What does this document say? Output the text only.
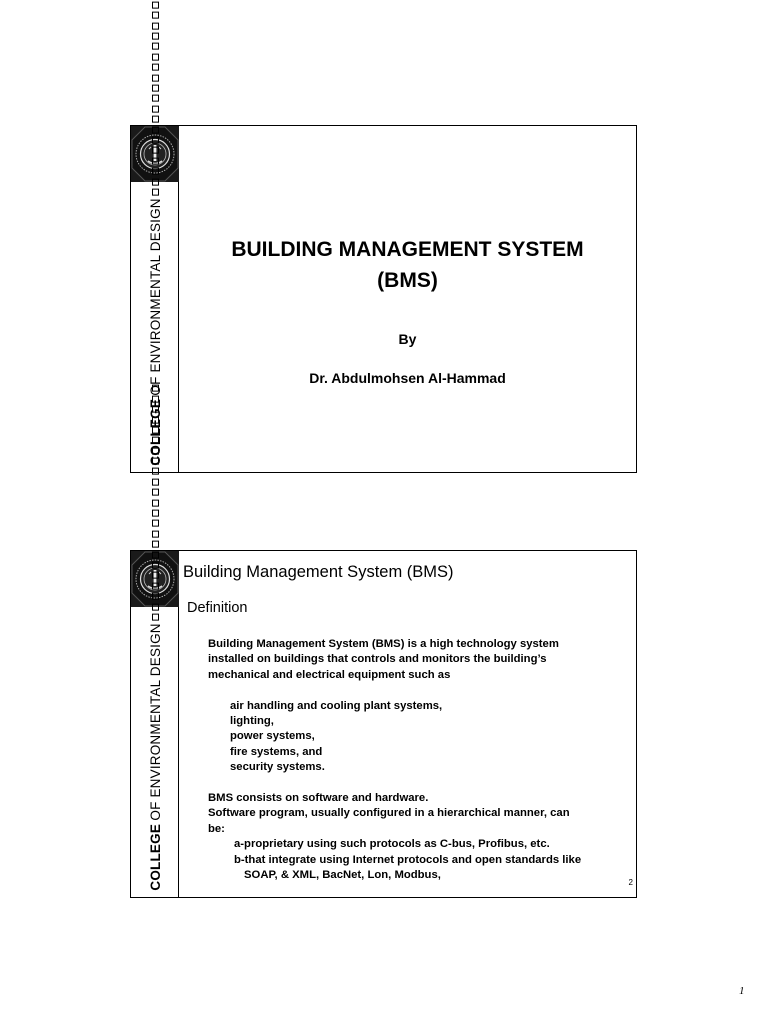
COLLEGE
OF ENVIRONMENTAL DESIGN	BUILDING MANAGEMENT SYSTEM
(BMS)
By
Dr. Abdulmohsen Al-Hammad
COLLEGE
OF ENVIRONMENTAL DESIGN
Building Management System (BMS)
Definition

Building Management System (BMS) is a high technology system

installed on buildings that controls and monitors the building’s

mechanical and electrical equipment such as

air handling and cooling plant systems,

lighting,

power systems,

fire systems, and

security systems.

BMS consists on software and hardware.

Software program, usually configured in a hierarchical manner, can

be:

a-proprietary using such protocols as C-bus, Profibus, etc.

b-that integrate using Internet protocols and open standards like

SOAP, & XML, BacNet, Lon, Modbus,

2
1
